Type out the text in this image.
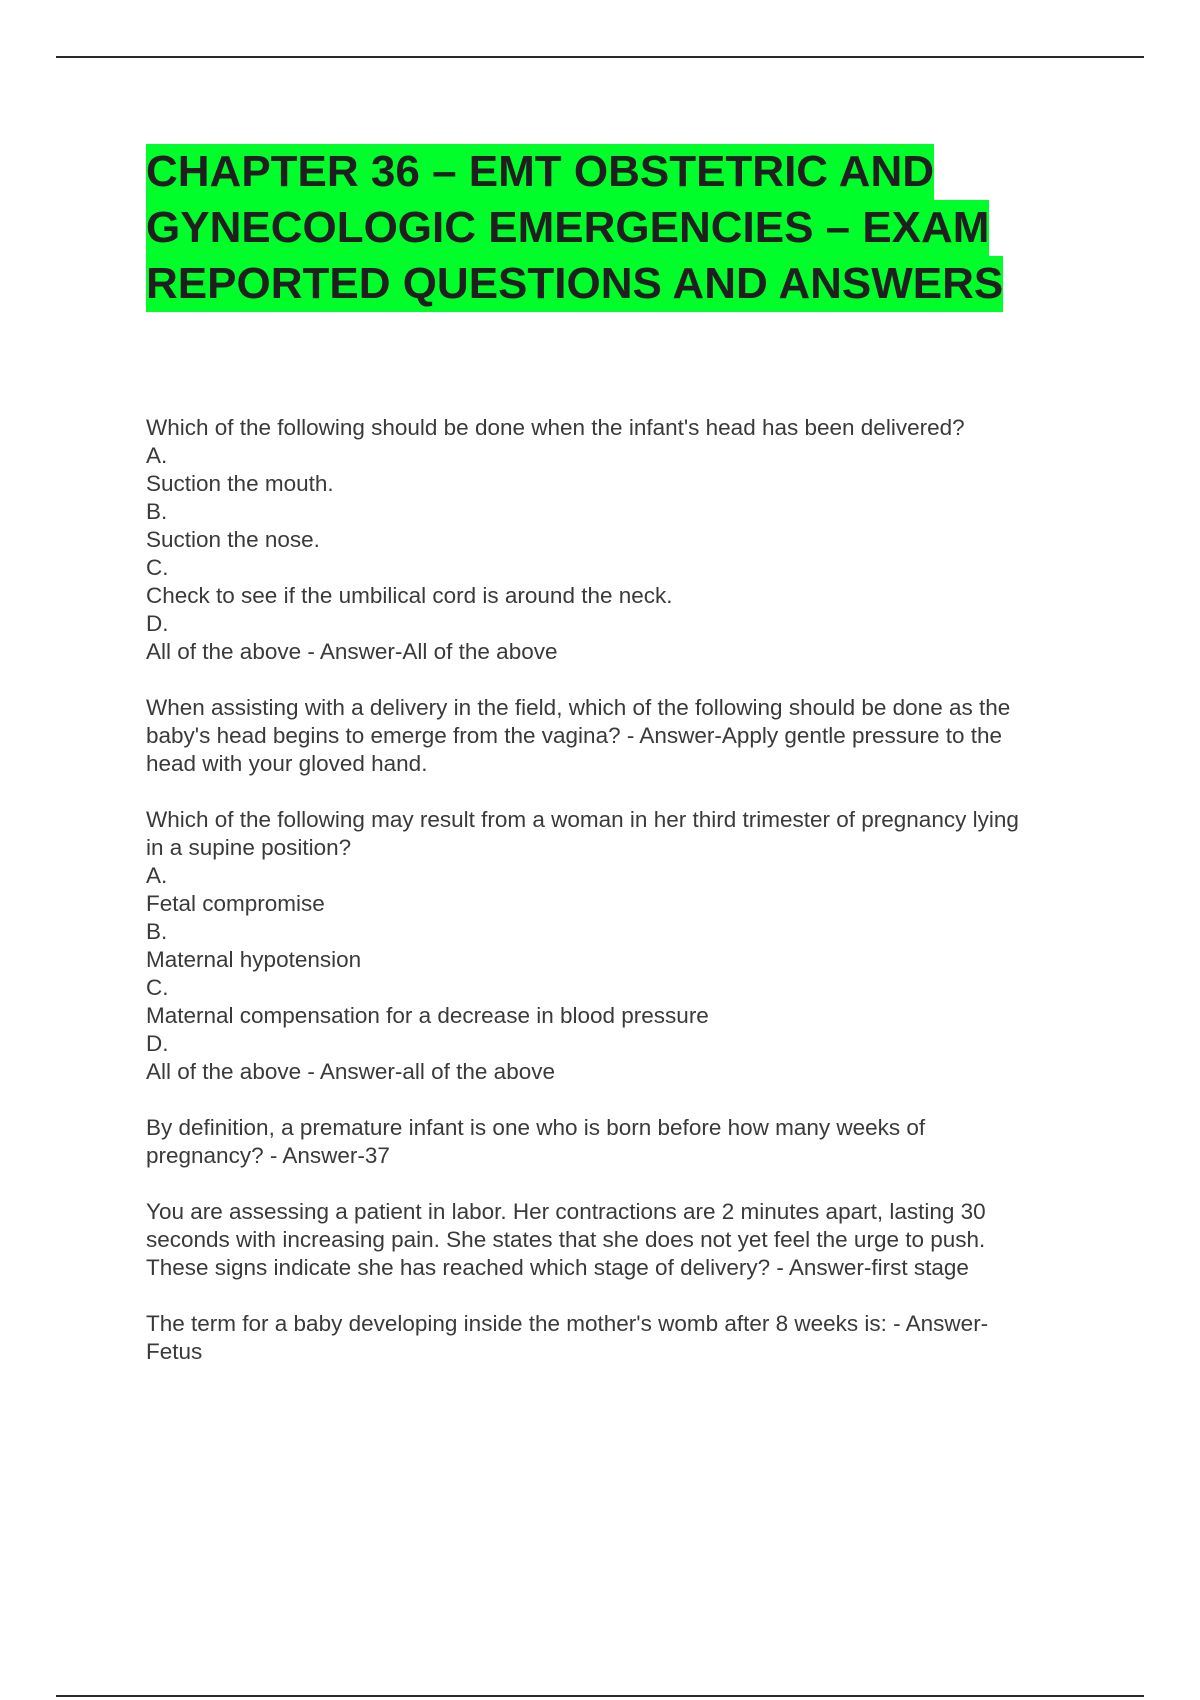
CHAPTER 36 – EMT OBSTETRIC AND
GYNECOLOGIC EMERGENCIES – EXAM
REPORTED QUESTIONS AND ANSWERS
Which of the following should be done when the infant's head has been delivered?
A.
Suction the mouth.
B.
Suction the nose.
C.
Check to see if the umbilical cord is around the neck.
D.
All of the above - Answer-All of the above
When assisting with a delivery in the field, which of the following should be done as the
baby's head begins to emerge from the vagina? - Answer-Apply gentle pressure to the
head with your gloved hand.
Which of the following may result from a woman in her third trimester of pregnancy lying
in a supine position?
A.
Fetal compromise
B.
Maternal hypotension
C.
Maternal compensation for a decrease in blood pressure
D.
All of the above - Answer-all of the above
By definition, a premature infant is one who is born before how many weeks of
pregnancy? - Answer-37
You are assessing a patient in labor. Her contractions are 2 minutes apart, lasting 30
seconds with increasing pain. She states that she does not yet feel the urge to push.
These signs indicate she has reached which stage of delivery? - Answer-first stage
The term for a baby developing inside the mother's womb after 8 weeks is: - Answer-
Fetus
